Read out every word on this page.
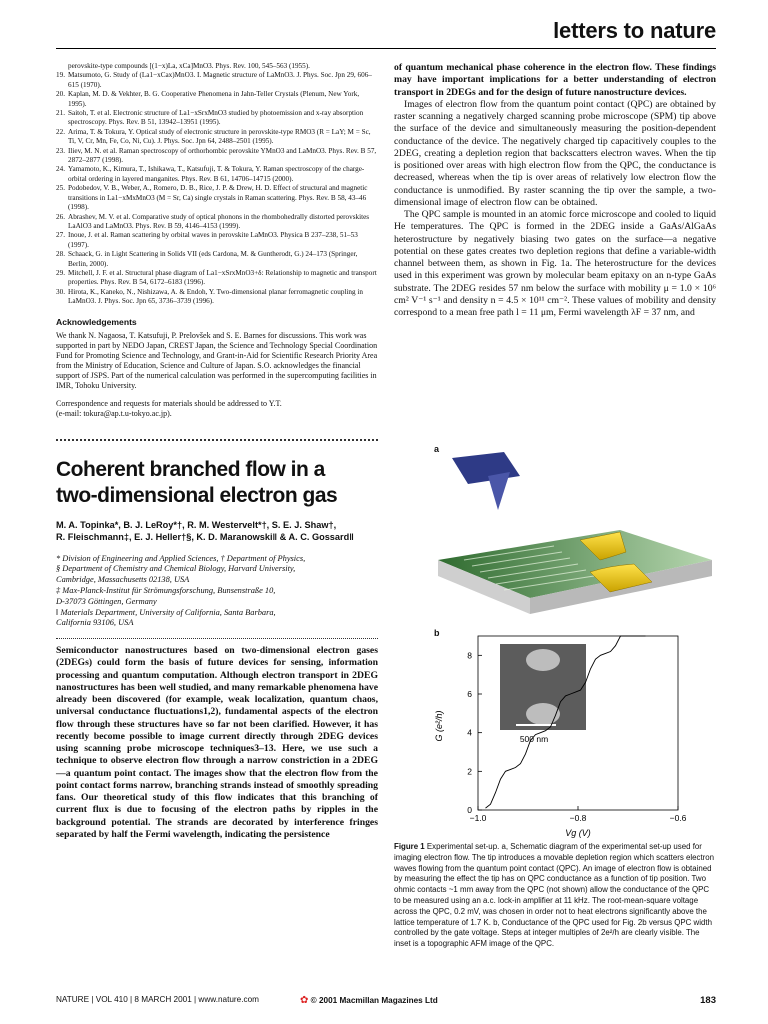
letters to nature
perovskite-type compounds [(1−x)La, xCa]MnO3. Phys. Rev. 100, 545–563 (1955).
19. Matsumoto, G. Study of (La1−xCax)MnO3. I. Magnetic structure of LaMnO3. J. Phys. Soc. Jpn 29, 606–615 (1970).
20. Kaplan, M. D. & Vekhter, B. G. Cooperative Phenomena in Jahn-Teller Crystals (Plenum, New York, 1995).
21. Saitoh, T. et al. Electronic structure of La1−xSrxMnO3 studied by photoemission and x-ray absorption spectroscopy. Phys. Rev. B 51, 13942–13951 (1995).
22. Arima, T. & Tokura, Y. Optical study of electronic structure in perovskite-type RMO3 (R = LaY; M = Sc, Ti, V, Cr, Mn, Fe, Co, Ni, Cu). J. Phys. Soc. Jpn 64, 2488–2501 (1995).
23. Iliev, M. N. et al. Raman spectroscopy of orthorhombic perovskite YMnO3 and LaMnO3. Phys. Rev. B 57, 2872–2877 (1998).
24. Yamamoto, K., Kimura, T., Ishikawa, T., Katsufuji, T. & Tokura, Y. Raman spectroscopy of the charge-orbital ordering in layered manganites. Phys. Rev. B 61, 14706–14715 (2000).
25. Podobedov, V. B., Weber, A., Romero, D. B., Rice, J. P. & Drew, H. D. Effect of structural and magnetic transitions in La1−xMxMnO3 (M = Sr, Ca) single crystals in Raman scattering. Phys. Rev. B 58, 43–46 (1998).
26. Abrashev, M. V. et al. Comparative study of optical phonons in the rhombohedrally distorted perovskites LaAlO3 and LaMnO3. Phys. Rev. B 59, 4146–4153 (1999).
27. Inoue, J. et al. Raman scattering by orbital waves in perovskite LaMnO3. Physica B 237–238, 51–53 (1997).
28. Schaack, G. in Light Scattering in Solids VII (eds Cardona, M. & Guntherodt, G.) 24–173 (Springer, Berlin, 2000).
29. Mitchell, J. F. et al. Structural phase diagram of La1−xSrxMnO3+δ: Relationship to magnetic and transport properties. Phys. Rev. B 54, 6172–6183 (1996).
30. Hirota, K., Kaneko, N., Nishizawa, A. & Endoh, Y. Two-dimensional planar ferromagnetic coupling in LaMnO3. J. Phys. Soc. Jpn 65, 3736–3739 (1996).
Acknowledgements
We thank N. Nagaosa, T. Katsufuji, P. Prelovšek and S. E. Barnes for discussions. This work was supported in part by NEDO Japan, CREST Japan, the Science and Technology Special Coordination Fund for Promoting Science and Technology, and Grant-in-Aid for Scientific Research Priority Area from the Ministry of Education, Science and Culture of Japan. S.O. acknowledges the financial support of JSPS. Part of the numerical calculation was performed in the supercomputing facilities in IMR, Tohoku University.
Correspondence and requests for materials should be addressed to Y.T.
(e-mail: tokura@ap.t.u-tokyo.ac.jp).
Coherent branched flow in a
two-dimensional electron gas
M. A. Topinka*, B. J. LeRoy*†, R. M. Westervelt*†, S. E. J. Shaw†,
R. Fleischmann‡, E. J. Heller†§, K. D. Maranowski‖ & A. C. Gossard‖
* Division of Engineering and Applied Sciences, † Department of Physics,
§ Department of Chemistry and Chemical Biology, Harvard University,
Cambridge, Massachusetts 02138, USA
‡ Max-Planck-Institut für Strömungsforschung, Bunsenstraße 10,
D-37073 Göttingen, Germany
‖ Materials Department, University of California, Santa Barbara,
California 93106, USA
Semiconductor nanostructures based on two-dimensional electron gases (2DEGs) could form the basis of future devices for sensing, information processing and quantum computation. Although electron transport in 2DEG nanostructures has been well studied, and many remarkable phenomena have already been discovered (for example, weak localization, quantum chaos, universal conductance fluctuations1,2), fundamental aspects of the electron flow through these structures have so far not been clarified. However, it has recently become possible to image current directly through 2DEG devices using scanning probe microscope techniques3–13. Here, we use such a technique to observe electron flow through a narrow constriction in a 2DEG—a quantum point contact. The images show that the electron flow from the point contact forms narrow, branching strands instead of smoothly spreading fans. Our theoretical study of this flow indicates that this branching of current flux is due to focusing of the electron paths by ripples in the background potential. The strands are decorated by interference fringes separated by half the Fermi wavelength, indicating the persistence
of quantum mechanical phase coherence in the electron flow. These findings may have important implications for a better understanding of electron transport in 2DEGs and for the design of future nanostructure devices.
Images of electron flow from the quantum point contact (QPC) are obtained by raster scanning a negatively charged scanning probe microscope (SPM) tip above the surface of the device and simultaneously measuring the position-dependent conductance of the device. The negatively charged tip capacitively couples to the 2DEG, creating a depletion region that backscatters electron waves. When the tip is positioned over areas with high electron flow from the QPC, the conductance is decreased, whereas when the tip is over areas of relatively low electron flow the conductance is unmodified. By raster scanning the tip over the sample, a two-dimensional image of electron flow can be obtained.
The QPC sample is mounted in an atomic force microscope and cooled to liquid He temperatures. The QPC is formed in the 2DEG inside a GaAs/AlGaAs heterostructure by negatively biasing two gates on the surface—a negative potential on these gates creates two depletion regions that define a variable-width channel between them, as shown in Fig. 1a. The heterostructure for the devices used in this experiment was grown by molecular beam epitaxy on an n-type GaAs substrate. The 2DEG resides 57 nm below the surface with mobility μ = 1.0 × 10⁶ cm² V⁻¹ s⁻¹ and density n = 4.5 × 10¹¹ cm⁻². These values of mobility and density correspond to a mean free path l = 11 μm, Fermi wavelength λF = 37 nm, and
a
b
500 nm
0
2
4
6
8
−1.0	−0.8	−0.6
G (e²/h)
Vg (V)
Figure 1 Experimental set-up. a, Schematic diagram of the experimental set-up used for imaging electron flow. The tip introduces a movable depletion region which scatters electron waves flowing from the quantum point contact (QPC). An image of electron flow is obtained by measuring the effect the tip has on QPC conductance as a function of tip position. Two ohmic contacts ~1 mm away from the QPC (not shown) allow the conductance of the QPC to be measured using an a.c. lock-in amplifier at 11 kHz. The root-mean-square voltage across the QPC, 0.2 mV, was chosen in order not to heat electrons significantly above the lattice temperature of 1.7 K. b, Conductance of the QPC used for Fig. 2b versus QPC width controlled by the gate voltage. Steps at integer multiples of 2e²/h are clearly visible. The inset is a topographic AFM image of the QPC.
NATURE | VOL 410 | 8 MARCH 2001 | www.nature.com	✿ © 2001 Macmillan Magazines Ltd	183
